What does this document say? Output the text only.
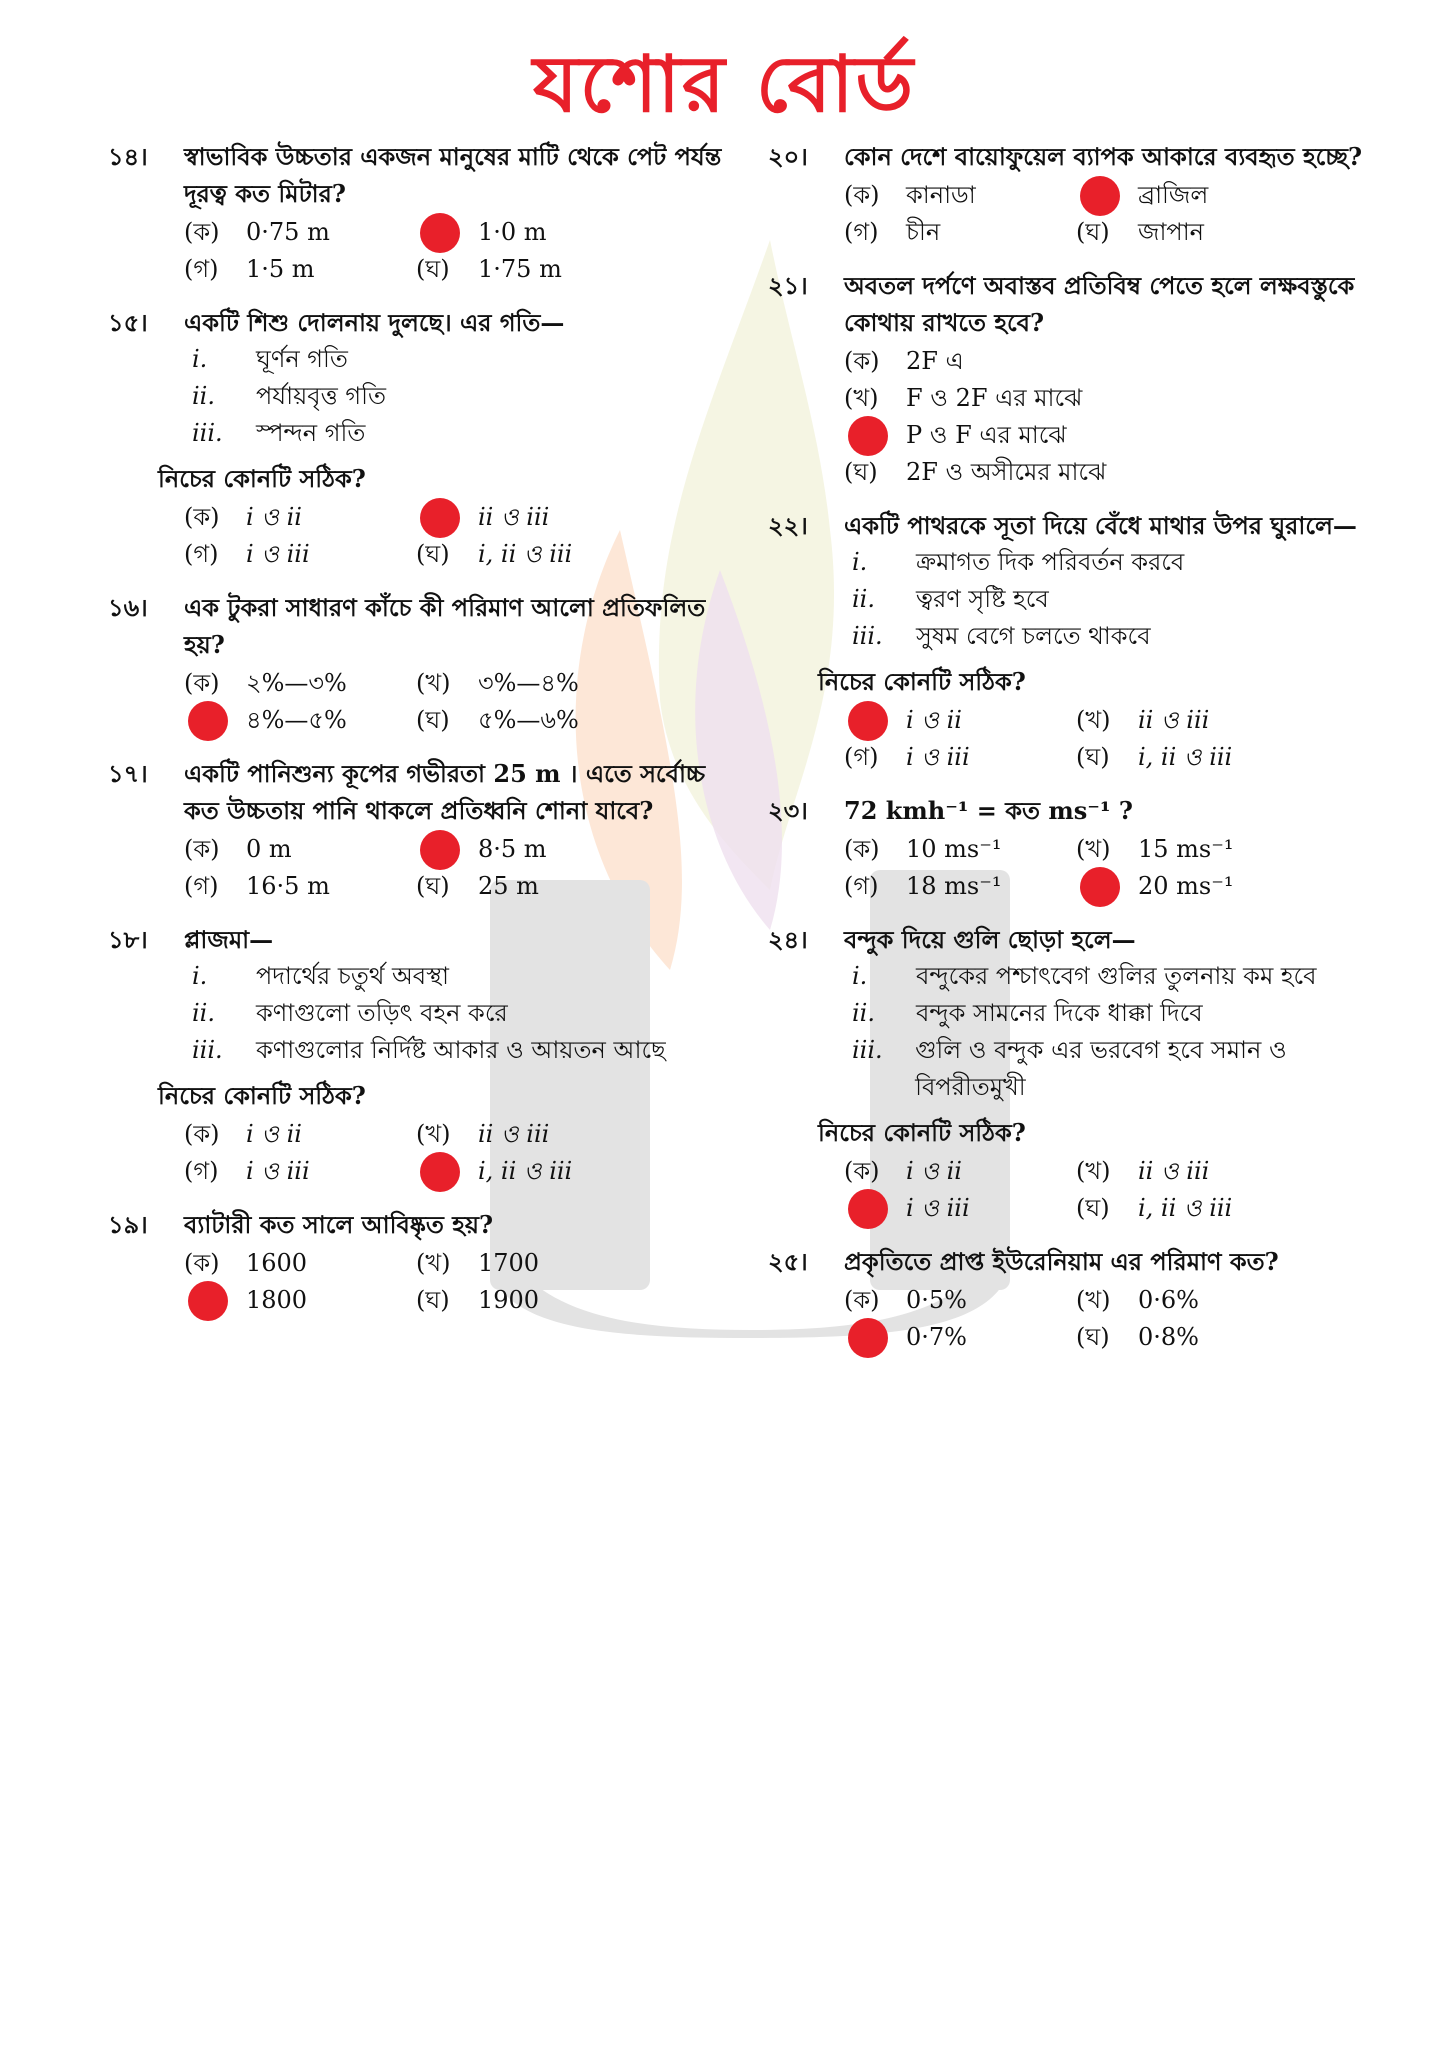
যশোর বোর্ড
১৪।	স্বাভাবিক উচ্চতার একজন মানুষের মাটি থেকে পেট পর্যন্ত দূরত্ব কত মিটার?
(ক)	0·75 m	1·0 m
(গ)	1·5 m	(ঘ)	1·75 m
১৫।	একটি শিশু দোলনায় দুলছে। এর গতি—
i.	ঘূর্ণন গতি
ii.	পর্যায়বৃত্ত গতি
iii.	স্পন্দন গতি
নিচের কোনটি সঠিক?
(ক)	i ও ii	ii ও iii
(গ)	i ও iii	(ঘ)	i, ii ও iii
১৬।	এক টুকরা সাধারণ কাঁচে কী পরিমাণ আলো প্রতিফলিত হয়?
(ক)	২%—৩%	(খ)	৩%—৪%
৪%—৫%	(ঘ)	৫%—৬%
১৭।	একটি পানিশুন্য কূপের গভীরতা 25 m । এতে সর্বোচ্চ কত উচ্চতায় পানি থাকলে প্রতিধ্বনি শোনা যাবে?
(ক)	0 m	8·5 m
(গ)	16·5 m	(ঘ)	25 m
১৮।	প্লাজমা—
i.	পদার্থের চতুর্থ অবস্থা
ii.	কণাগুলো তড়িৎ বহন করে
iii.	কণাগুলোর নির্দিষ্ট আকার ও আয়তন আছে
নিচের কোনটি সঠিক?
(ক)	i ও ii	(খ)	ii ও iii
(গ)	i ও iii	i, ii ও iii
১৯।	ব্যাটারী কত সালে আবিষ্কৃত হয়?
(ক)	1600	(খ)	1700
1800	(ঘ)	1900
২০।	কোন দেশে বায়োফুয়েল ব্যাপক আকারে ব্যবহৃত হচ্ছে?
(ক)	কানাডা	ব্রাজিল
(গ)	চীন	(ঘ)	জাপান
২১।	অবতল দর্পণে অবাস্তব প্রতিবিম্ব পেতে হলে লক্ষবস্তুকে কোথায় রাখতে হবে?
(ক)	2F এ
(খ)	F ও 2F এর মাঝে
P ও F এর মাঝে
(ঘ)	2F ও অসীমের মাঝে
২২।	একটি পাথরকে সূতা দিয়ে বেঁধে মাথার উপর ঘুরালে—
i.	ক্রমাগত দিক পরিবর্তন করবে
ii.	ত্বরণ সৃষ্টি হবে
iii.	সুষম বেগে চলতে থাকবে
নিচের কোনটি সঠিক?
i ও ii	(খ)	ii ও iii
(গ)	i ও iii	(ঘ)	i, ii ও iii
২৩।	72 kmh⁻¹ = কত ms⁻¹ ?
(ক)	10 ms⁻¹	(খ)	15 ms⁻¹
(গ)	18 ms⁻¹	20 ms⁻¹
২৪।	বন্দুক দিয়ে গুলি ছোড়া হলে—
i.	বন্দুকের পশ্চাৎবেগ গুলির তুলনায় কম হবে
ii.	বন্দুক সামনের দিকে ধাক্কা দিবে
iii.	গুলি ও বন্দুক এর ভরবেগ হবে সমান ও বিপরীতমুখী
নিচের কোনটি সঠিক?
(ক)	i ও ii	(খ)	ii ও iii
i ও iii	(ঘ)	i, ii ও iii
২৫।	প্রকৃতিতে প্রাপ্ত ইউরেনিয়াম এর পরিমাণ কত?
(ক)	0·5%	(খ)	0·6%
0·7%	(ঘ)	0·8%
